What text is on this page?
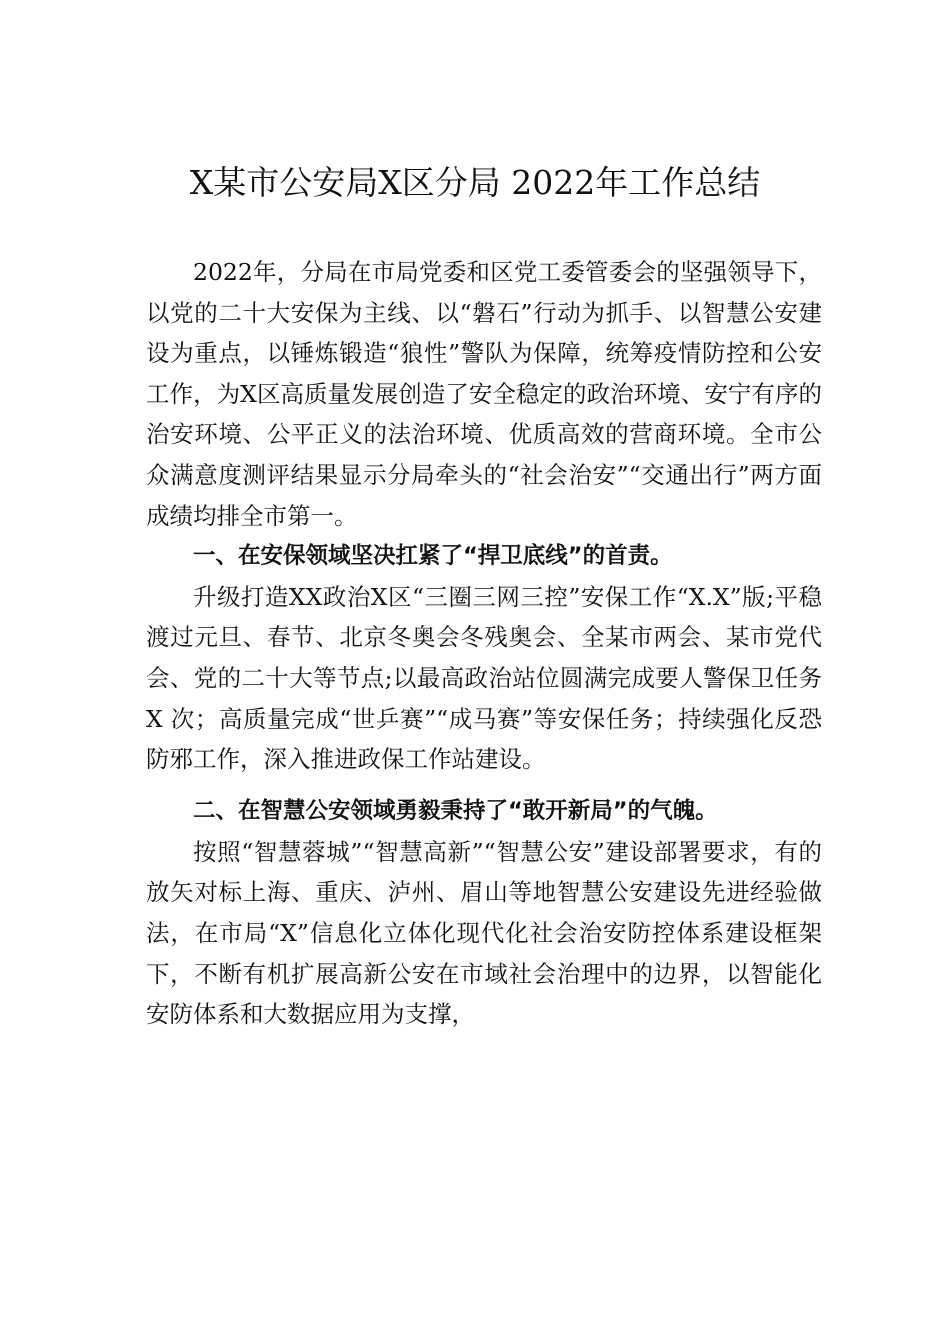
X某市公安局X区分局 2022年工作总结

2022年，分局在市局党委和区党工委管委会的坚强领导下，以党的二十大安保为主线、以“磐石”行动为抓手、以智慧公安建设为重点，以锤炼锻造“狼性”警队为保障，统筹疫情防控和公安工作，为X区高质量发展创造了安全稳定的政治环境、安宁有序的治安环境、公平正义的法治环境、优质高效的营商环境。全市公众满意度测评结果显示分局牵头的“社会治安”“交通出行”两方面成绩均排全市第一。

一、在安保领域坚决扛紧了“捍卫底线”的首责。

升级打造XX政治X区“三圈三网三控”安保工作“X.X”版;平稳渡过元旦、春节、北京冬奥会冬残奥会、全某市两会、某市党代会、党的二十大等节点;以最高政治站位圆满完成要人警保卫任务 X 次；高质量完成“世乒赛”“成马赛”等安保任务；持续强化反恐防邪工作，深入推进政保工作站建设。

二、在智慧公安领域勇毅秉持了“敢开新局”的气魄。

按照“智慧蓉城”“智慧高新”“智慧公安”建设部署要求，有的放矢对标上海、重庆、泸州、眉山等地智慧公安建设先进经验做法，在市局“X”信息化立体化现代化社会治安防控体系建设框架下，不断有机扩展高新公安在市域社会治理中的边界，以智能化安防体系和大数据应用为支撑，
